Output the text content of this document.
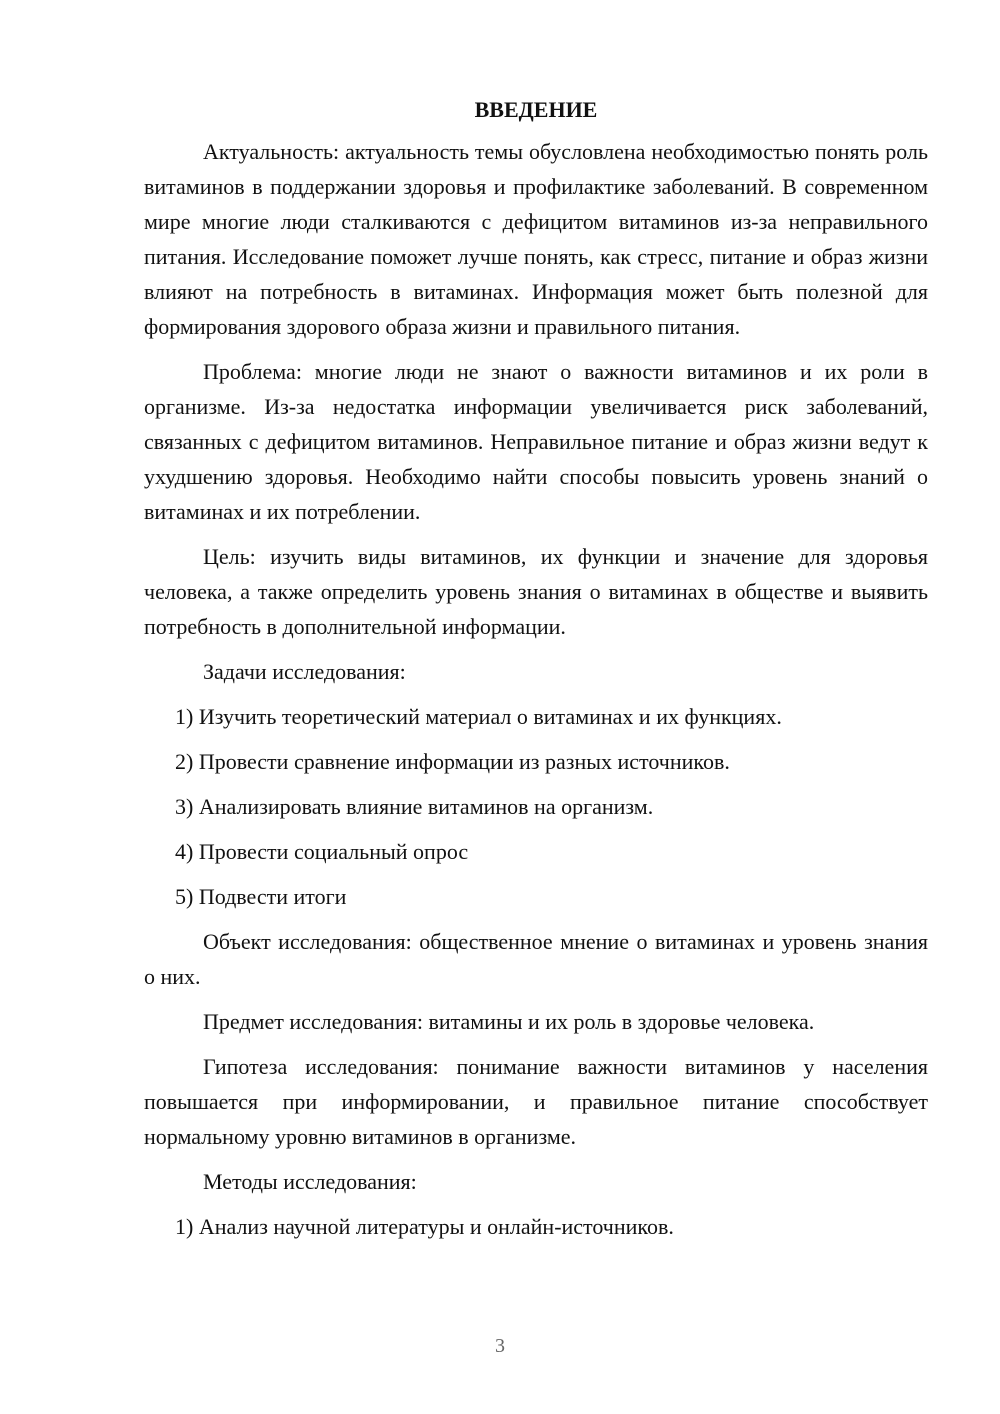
ВВЕДЕНИЕ

Актуальность: актуальность темы обусловлена необходимостью понять роль витаминов в поддержании здоровья и профилактике заболеваний. В современном мире многие люди сталкиваются с дефицитом витаминов из-за неправильного питания. Исследование поможет лучше понять, как стресс, питание и образ жизни влияют на потребность в витаминах. Информация может быть полезной для формирования здорового образа жизни и правильного питания.

Проблема: многие люди не знают о важности витаминов и их роли в организме. Из-за недостатка информации увеличивается риск заболеваний, связанных с дефицитом витаминов. Неправильное питание и образ жизни ведут к ухудшению здоровья. Необходимо найти способы повысить уровень знаний о витаминах и их потреблении.

Цель: изучить виды витаминов, их функции и значение для здоровья человека, а также определить уровень знания о витаминах в обществе и выявить потребность в дополнительной информации.

Задачи исследования:

1) Изучить теоретический материал о витаминах и их функциях.

2) Провести сравнение информации из разных источников.

3) Анализировать влияние витаминов на организм.

4) Провести социальный опрос

5) Подвести итоги

Объект исследования: общественное мнение о витаминах и уровень знания о них.

Предмет исследования: витамины и их роль в здоровье человека.

Гипотеза исследования: понимание важности витаминов у населения повышается при информировании, и правильное питание способствует нормальному уровню витаминов в организме.

Методы исследования:

1) Анализ научной литературы и онлайн-источников.

3
